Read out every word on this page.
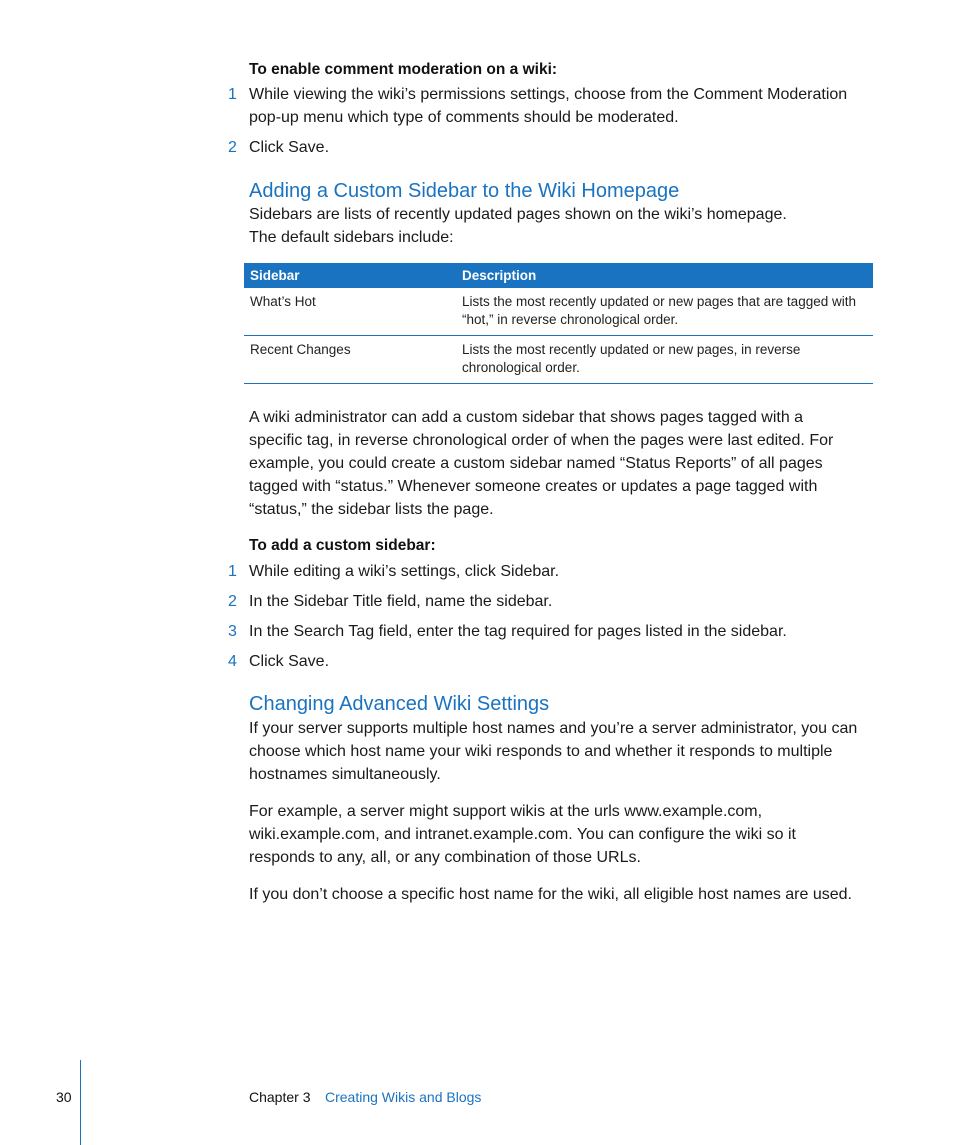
To enable comment moderation on a wiki:
1 While viewing the wiki’s permissions settings, choose from the Comment Moderation pop-up menu which type of comments should be moderated.
2 Click Save.
Adding a Custom Sidebar to the Wiki Homepage
Sidebars are lists of recently updated pages shown on the wiki’s homepage. The default sidebars include:
Sidebar	Description
What’s Hot	Lists the most recently updated or new pages that are tagged with “hot,” in reverse chronological order.
Recent Changes	Lists the most recently updated or new pages, in reverse chronological order.
A wiki administrator can add a custom sidebar that shows pages tagged with a specific tag, in reverse chronological order of when the pages were last edited. For example, you could create a custom sidebar named “Status Reports” of all pages tagged with “status.” Whenever someone creates or updates a page tagged with “status,” the sidebar lists the page.
To add a custom sidebar:
1 While editing a wiki’s settings, click Sidebar.
2 In the Sidebar Title field, name the sidebar.
3 In the Search Tag field, enter the tag required for pages listed in the sidebar.
4 Click Save.
Changing Advanced Wiki Settings
If your server supports multiple host names and you’re a server administrator, you can choose which host name your wiki responds to and whether it responds to multiple hostnames simultaneously.
For example, a server might support wikis at the urls www.example.com, wiki.example.com, and intranet.example.com. You can configure the wiki so it responds to any, all, or any combination of those URLs.
If you don’t choose a specific host name for the wiki, all eligible host names are used.
30	Chapter 3 Creating Wikis and Blogs
